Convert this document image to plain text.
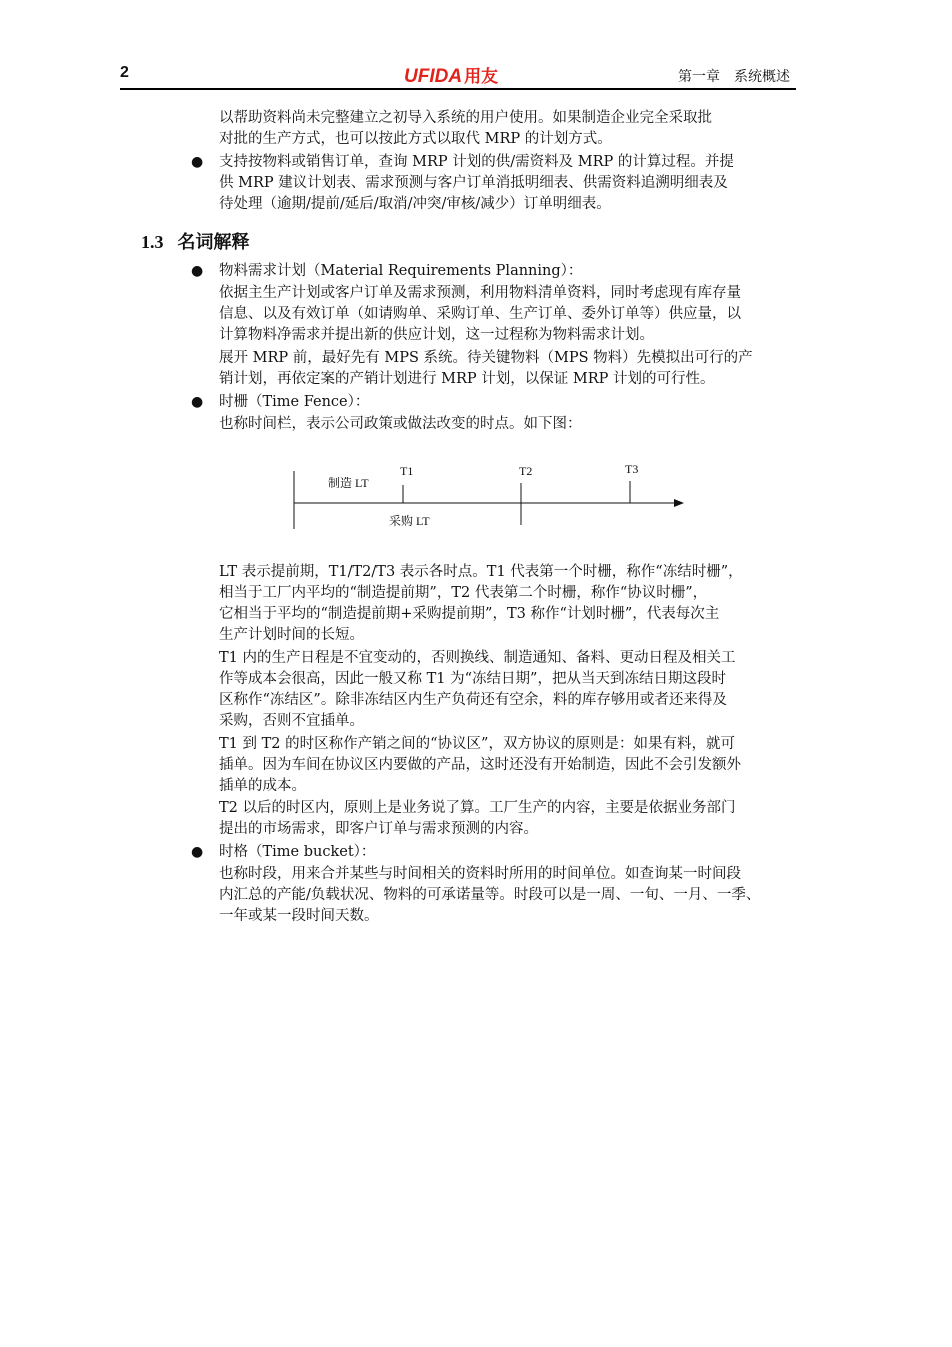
2	UFIDA 用友	第一章 系统概述
以帮助资料尚未完整建立之初导入系统的用户使用。如果制造企业完全采取批
对批的生产方式，也可以按此方式以取代 MRP 的计划方式。
● 支持按物料或销售订单，查询 MRP 计划的供/需资料及 MRP 的计算过程。并提
供 MRP 建议计划表、需求预测与客户订单消抵明细表、供需资料追溯明细表及
待处理（逾期/提前/延后/取消/冲突/审核/减少）订单明细表。
1.3 名词解释
● 物料需求计划（Material Requirements Planning）：
依据主生产计划或客户订单及需求预测，利用物料清单资料，同时考虑现有库存量
信息、以及有效订单（如请购单、采购订单、生产订单、委外订单等）供应量，以
计算物料净需求并提出新的供应计划，这一过程称为物料需求计划。
展开 MRP 前，最好先有 MPS 系统。待关键物料（MPS 物料）先模拟出可行的产
销计划，再依定案的产销计划进行 MRP 计划，以保证 MRP 计划的可行性。
● 时栅（Time Fence）：
也称时间栏，表示公司政策或做法改变的时点。如下图：
T1	T2	T3
制造 LT
采购 LT
LT 表示提前期，T1/T2/T3 表示各时点。T1 代表第一个时栅，称作“冻结时栅”，
相当于工厂内平均的“制造提前期”，T2 代表第二个时栅，称作“协议时栅”，
它相当于平均的“制造提前期+采购提前期”，T3 称作“计划时栅”，代表每次主
生产计划时间的长短。
T1 内的生产日程是不宜变动的，否则换线、制造通知、备料、更动日程及相关工
作等成本会很高，因此一般又称 T1 为“冻结日期”，把从当天到冻结日期这段时
区称作“冻结区”。除非冻结区内生产负荷还有空余，料的库存够用或者还来得及
采购，否则不宜插单。
T1 到 T2 的时区称作产销之间的“协议区”，双方协议的原则是：如果有料，就可
插单。因为车间在协议区内要做的产品，这时还没有开始制造，因此不会引发额外
插单的成本。
T2 以后的时区内，原则上是业务说了算。工厂生产的内容，主要是依据业务部门
提出的市场需求，即客户订单与需求预测的内容。
● 时格（Time bucket）：
也称时段，用来合并某些与时间相关的资料时所用的时间单位。如查询某一时间段
内汇总的产能/负载状况、物料的可承诺量等。时段可以是一周、一旬、一月、一季、
一年或某一段时间天数。
